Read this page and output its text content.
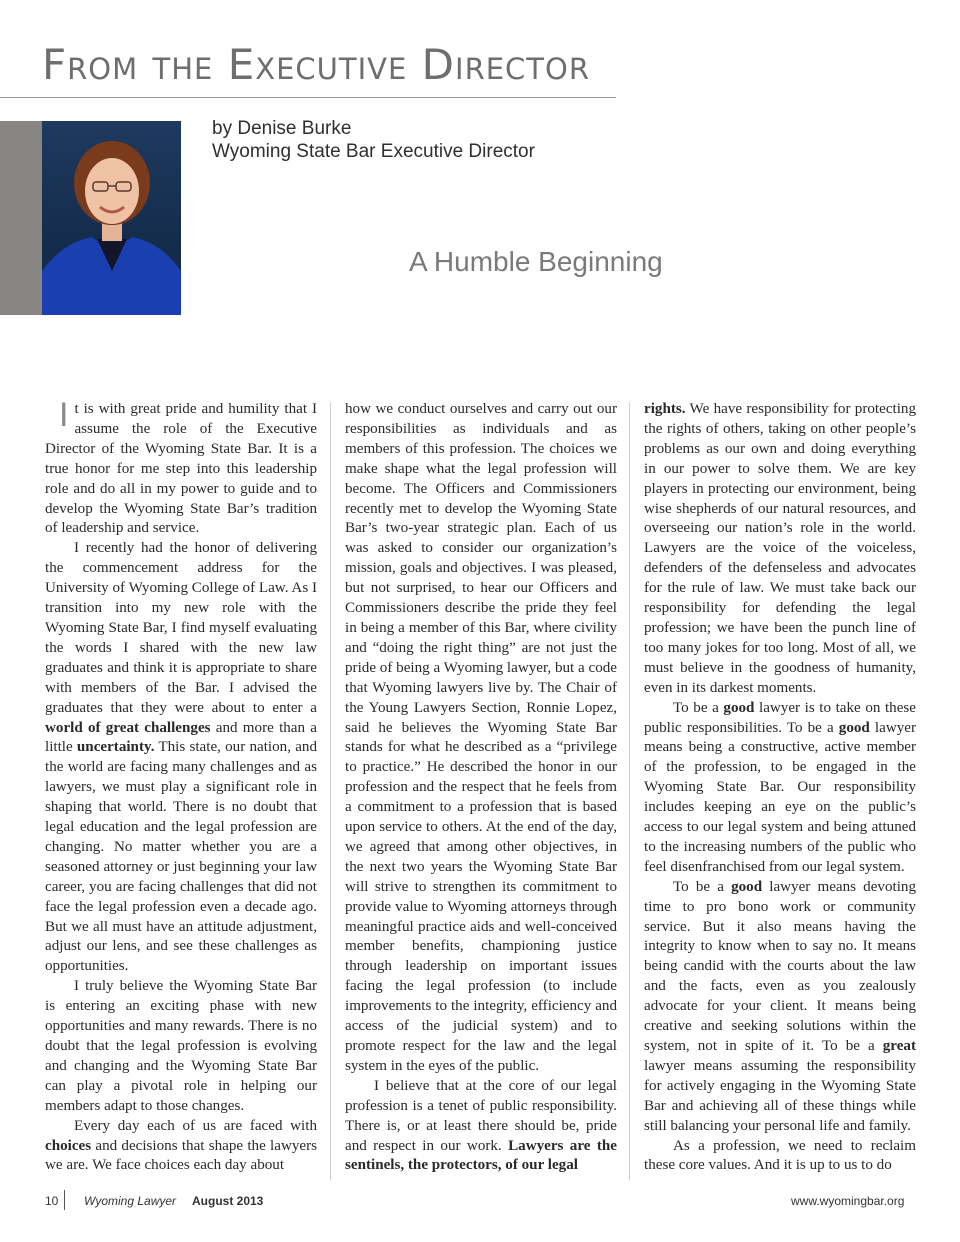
From the Executive Director
by Denise Burke
Wyoming State Bar Executive Director
A Humble Beginning

It is with great pride and humility that I assume the role of the Executive Director of the Wyoming State Bar. It is a true honor for me step into this leadership role and do all in my power to guide and to develop the Wyoming State Bar’s tradition of leadership and service.

I recently had the honor of delivering the commencement address for the University of Wyoming College of Law. As I transition into my new role with the Wyoming State Bar, I find myself evaluating the words I shared with the new law graduates and think it is appropriate to share with members of the Bar. I advised the graduates that they were about to enter a world of great challenges and more than a little uncertainty. This state, our nation, and the world are facing many challenges and as lawyers, we must play a significant role in shaping that world. There is no doubt that legal education and the legal profession are changing. No matter whether you are a seasoned attorney or just beginning your law career, you are facing challenges that did not face the legal profession even a decade ago. But we all must have an attitude adjustment, adjust our lens, and see these challenges as opportunities.

I truly believe the Wyoming State Bar is entering an exciting phase with new opportunities and many rewards. There is no doubt that the legal profession is evolving and changing and the Wyoming State Bar can play a pivotal role in helping our members adapt to those changes.

Every day each of us are faced with choices and decisions that shape the lawyers we are. We face choices each day about

how we conduct ourselves and carry out our responsibilities as individuals and as members of this profession. The choices we make shape what the legal profession will become. The Officers and Commissioners recently met to develop the Wyoming State Bar’s two-year strategic plan. Each of us was asked to consider our organization’s mission, goals and objectives. I was pleased, but not surprised, to hear our Officers and Commissioners describe the pride they feel in being a member of this Bar, where civility and “doing the right thing” are not just the pride of being a Wyoming lawyer, but a code that Wyoming lawyers live by. The Chair of the Young Lawyers Section, Ronnie Lopez, said he believes the Wyoming State Bar stands for what he described as a “privilege to practice.” He described the honor in our profession and the respect that he feels from a commitment to a profession that is based upon service to others. At the end of the day, we agreed that among other objectives, in the next two years the Wyoming State Bar will strive to strengthen its commitment to provide value to Wyoming attorneys through meaningful practice aids and well-conceived member benefits, championing justice through leadership on important issues facing the legal profession (to include improvements to the integrity, efficiency and access of the judicial system) and to promote respect for the law and the legal system in the eyes of the public.

I believe that at the core of our legal profession is a tenet of public responsibility. There is, or at least there should be, pride and respect in our work. Lawyers are the sentinels, the protectors, of our legal

rights. We have responsibility for protecting the rights of others, taking on other people’s problems as our own and doing everything in our power to solve them. We are key players in protecting our environment, being wise shepherds of our natural resources, and overseeing our nation’s role in the world. Lawyers are the voice of the voiceless, defenders of the defenseless and advocates for the rule of law. We must take back our responsibility for defending the legal profession; we have been the punch line of too many jokes for too long. Most of all, we must believe in the goodness of humanity, even in its darkest moments.

To be a good lawyer is to take on these public responsibilities. To be a good lawyer means being a constructive, active member of the profession, to be engaged in the Wyoming State Bar. Our responsibility includes keeping an eye on the public’s access to our legal system and being attuned to the increasing numbers of the public who feel disenfranchised from our legal system.

To be a good lawyer means devoting time to pro bono work or community service. But it also means having the integrity to know when to say no. It means being candid with the courts about the law and the facts, even as you zealously advocate for your client. It means being creative and seeking solutions within the system, not in spite of it. To be a great lawyer means assuming the responsibility for actively engaging in the Wyoming State Bar and achieving all of these things while still balancing your personal life and family.

As a profession, we need to reclaim these core values. And it is up to us to do

10 Wyoming Lawyer August 2013	www.wyomingbar.org
